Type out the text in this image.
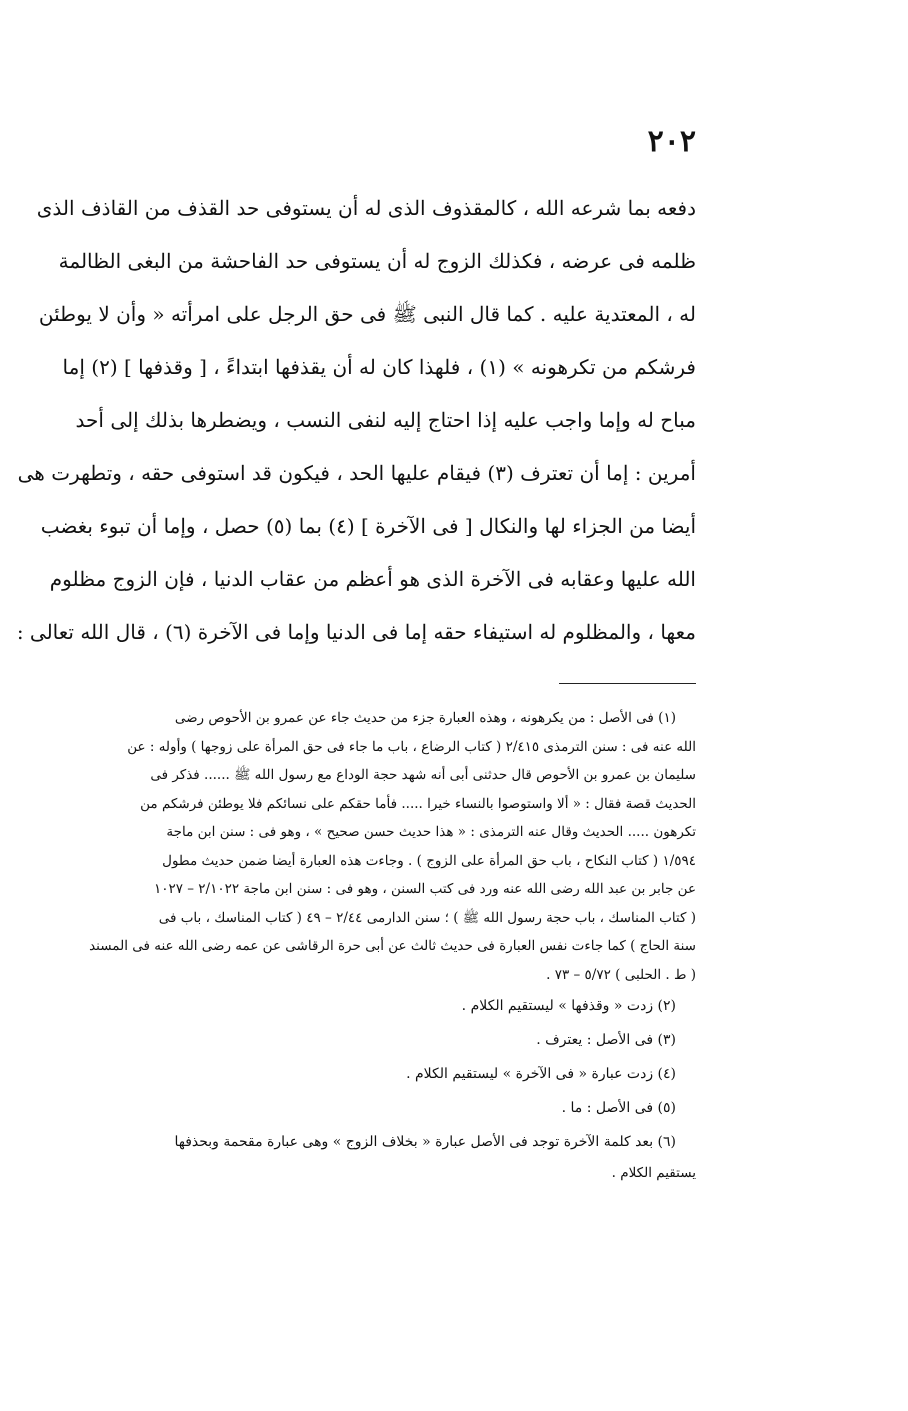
٢٠٢
دفعه بما شرعه الله ، كالمقذوف الذى له أن يستوفى حد القذف من القاذف الذى
ظلمه فى عرضه ، فكذلك الزوج له أن يستوفى حد الفاحشة من البغى الظالمة
له ، المعتدية عليه . كما قال النبى ﷺ فى حق الرجل على امرأته « وأن لا يوطئن
فرشكم من تكرهونه » (١) ، فلهذا كان له أن يقذفها ابتداءً ، [ وقذفها ] (٢) إما
مباح له وإما واجب عليه إذا احتاج إليه لنفى النسب ، ويضطرها بذلك إلى أحد
أمرين : إما أن تعترف (٣) فيقام عليها الحد ، فيكون قد استوفى حقه ، وتطهرت هى
أيضا من الجزاء لها والنكال [ فى الآخرة ] (٤) بما (٥) حصل ، وإما أن تبوء بغضب
الله عليها وعقابه فى الآخرة الذى هو أعظم من عقاب الدنيا ، فإن الزوج مظلوم
معها ، والمظلوم له استيفاء حقه إما فى الدنيا وإما فى الآخرة (٦) ، قال الله تعالى :
(١) فى الأصل : من يكرهونه ، وهذه العبارة جزء من حديث جاء عن عمرو بن الأحوص رضى
الله عنه فى : سنن الترمذى ٢/٤١٥ ( كتاب الرضاع ، باب ما جاء فى حق المرأة على زوجها ) وأوله : عن
سليمان بن عمرو بن الأحوص قال حدثنى أبى أنه شهد حجة الوداع مع رسول الله ﷺ ...... فذكر فى
الحديث قصة فقال : « ألا واستوصوا بالنساء خيرا ..... فأما حقكم على نسائكم فلا يوطئن فرشكم من
تكرهون ..... الحديث وقال عنه الترمذى : « هذا حديث حسن صحيح » ، وهو فى : سنن ابن ماجة
١/٥٩٤ ( كتاب النكاح ، باب حق المرأة على الزوج ) . وجاءت هذه العبارة أيضا ضمن حديث مطول
عن جابر بن عبد الله رضى الله عنه ورد فى كتب السنن ، وهو فى : سنن ابن ماجة ٢/١٠٢٢ – ١٠٢٧
( كتاب المناسك ، باب حجة رسول الله ﷺ ) ؛ سنن الدارمى ٢/٤٤ – ٤٩ ( كتاب المناسك ، باب فى
سنة الحاج ) كما جاءت نفس العبارة فى حديث ثالث عن أبى حرة الرقاشى عن عمه رضى الله عنه فى المسند
( ط . الحلبى ) ٥/٧٢ – ٧٣ .
(٢) زدت « وقذفها » ليستقيم الكلام .
(٣) فى الأصل : يعترف .
(٤) زدت عبارة « فى الآخرة » ليستقيم الكلام .
(٥) فى الأصل : ما .
(٦) بعد كلمة الآخرة توجد فى الأصل عبارة « بخلاف الزوج » وهى عبارة مقحمة وبحذفها
يستقيم الكلام .
